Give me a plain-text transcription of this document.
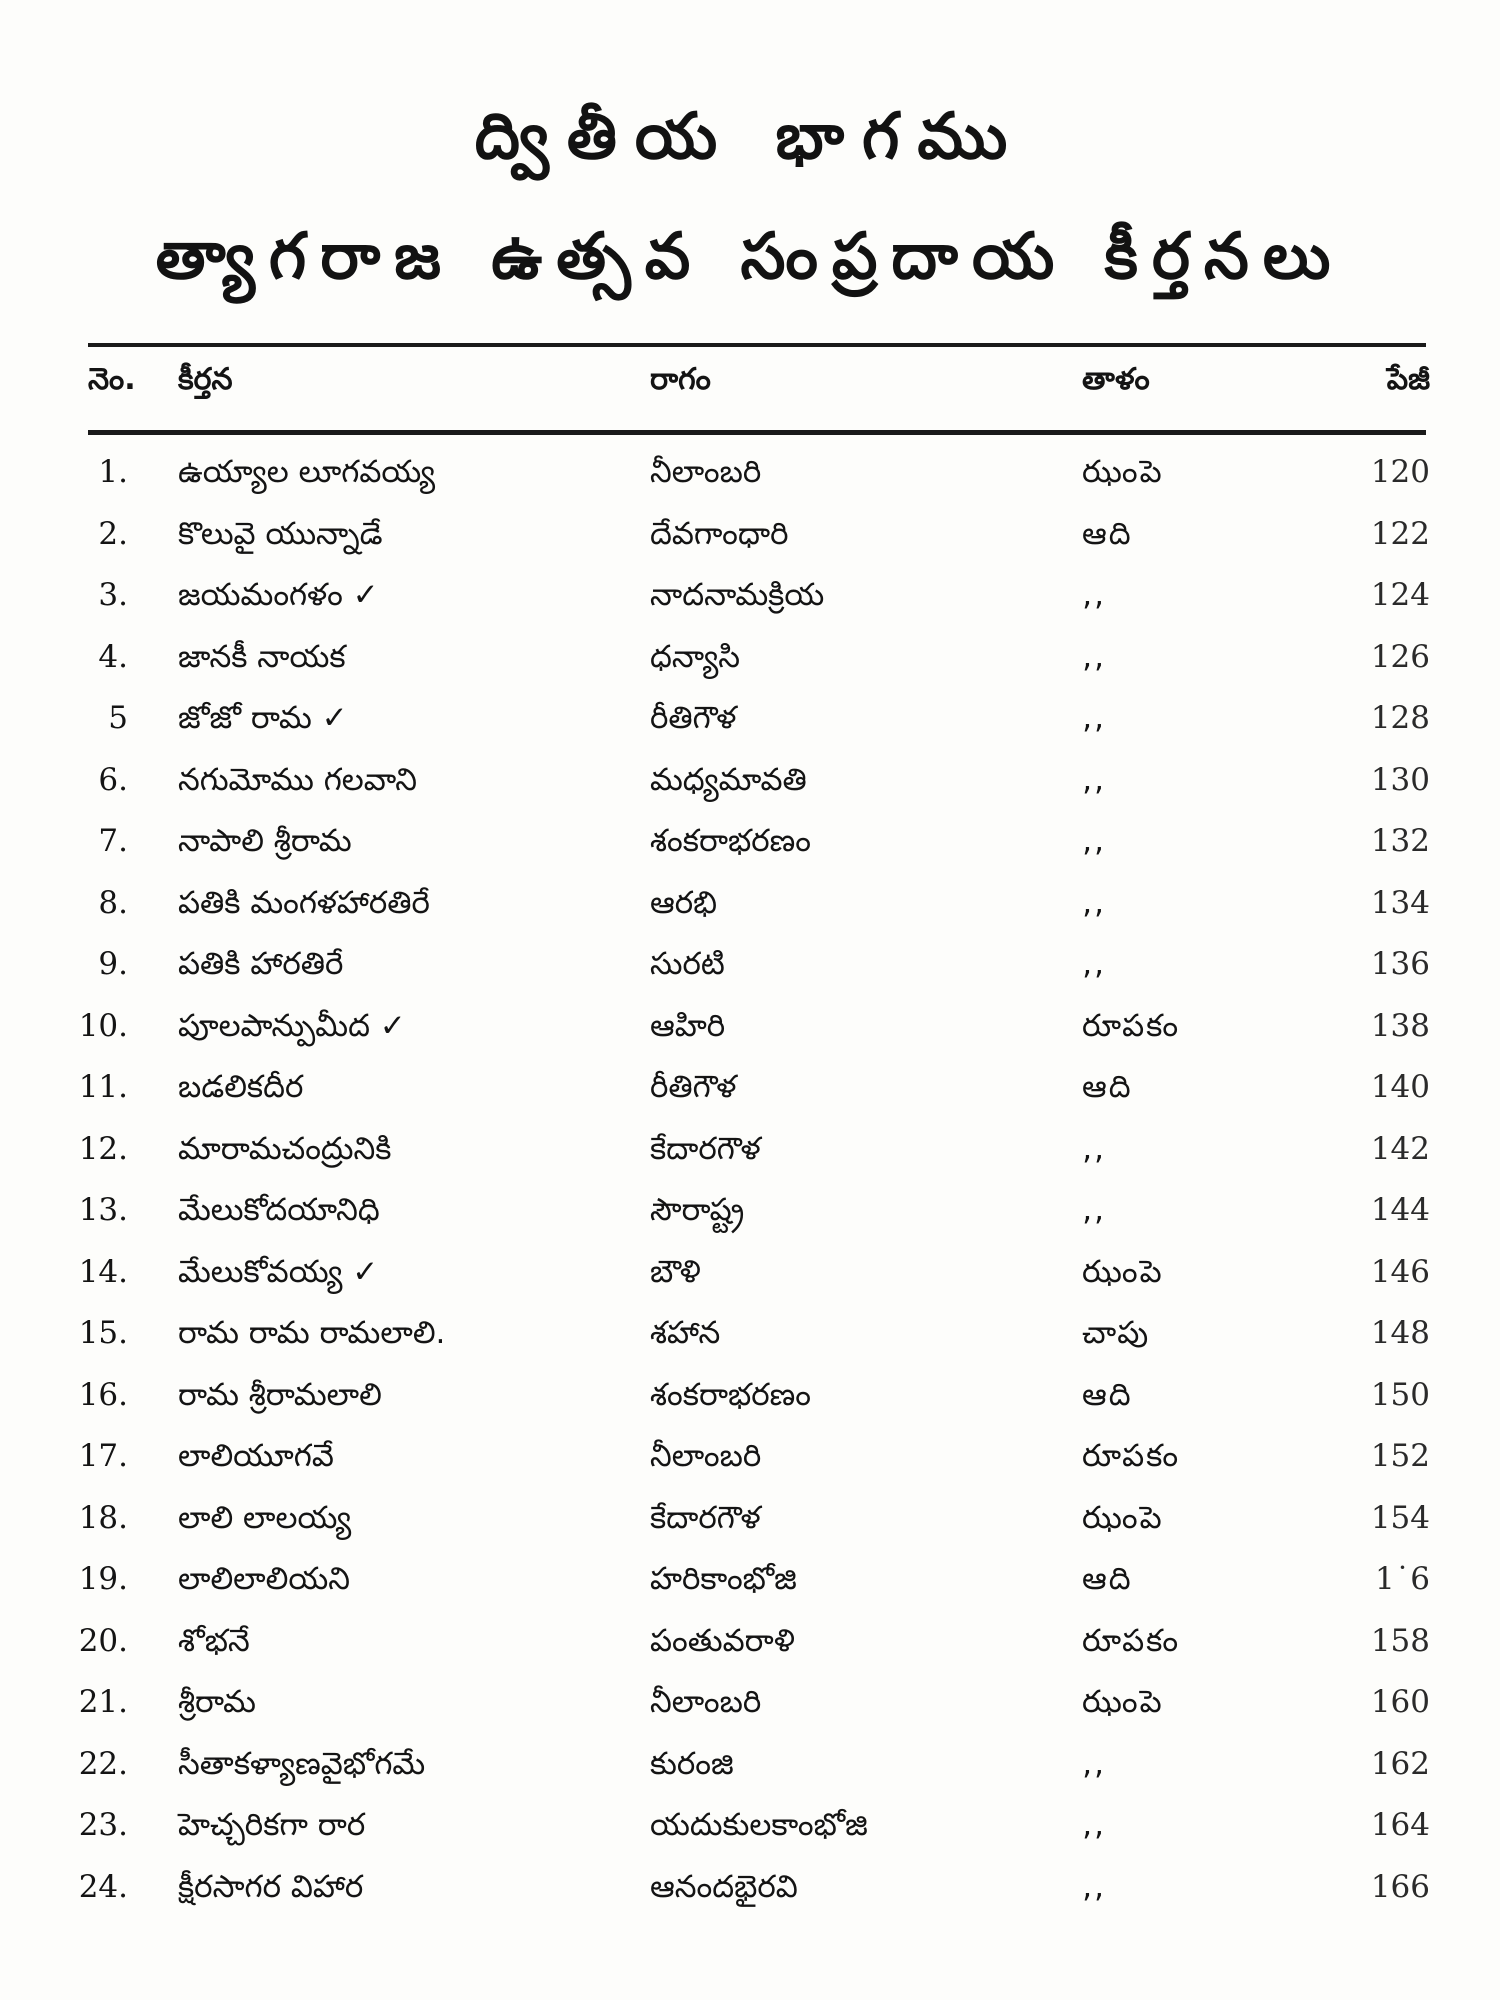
ద్వితీయ భాగము
త్యాగరాజ ఉత్సవ సంప్రదాయ కీర్తనలు
నెం.	కీర్తన	రాగం	తాళం	పేజీ
1. ఉయ్యాల లూగవయ్య	నీలాంబరి	ఝంపె	120
2. కొలువై యున్నాడే	దేవగాంధారి	ఆది	122
3. జయమంగళం ✓	నాదనామక్రియ	‚‚	124
4. జానకీ నాయక	ధన్యాసి	‚‚	126
5 జోజో రామ ✓	రీతిగౌళ	‚‚	128
6. నగుమోము గలవాని	మధ్యమావతి	‚‚	130
7. నాపాలి శ్రీరామ	శంకరాభరణం	‚‚	132
8. పతికి మంగళహారతిరే	ఆరభి	‚‚	134
9. పతికి హారతిరే	సురటి	‚‚	136
10. పూలపాన్పుమీద ✓	ఆహిరి	రూపకం	138
11. బడలికదీర	రీతిగౌళ	ఆది	140
12. మారామచంద్రునికి	కేదారగౌళ	‚‚	142
13. మేలుకోదయానిధి	సౌరాష్ట్ర	‚‚	144
14. మేలుకోవయ్య ✓	బౌళి	ఝంపె	146
15. రామ రామ రామలాలి.	శహాన	చాపు	148
16. రామ శ్రీరామలాలి	శంకరాభరణం	ఆది	150
17. లాలియూగవే	నీలాంబరి	రూపకం	152
18. లాలి లాలయ్య	కేదారగౌళ	ఝంపె	154
19. లాలిలాలియని	హరికాంభోజి	ఆది	1˙6
20. శోభనే	పంతువరాళి	రూపకం	158
21. శ్రీరామ	నీలాంబరి	ఝంపె	160
22. సీతాకళ్యాణవైభోగమే	కురంజి	‚‚	162
23. హెచ్చరికగా రార	యదుకులకాంభోజి	‚‚	164
24. క్షీరసాగర విహార	ఆనందభైరవి	‚‚	166
